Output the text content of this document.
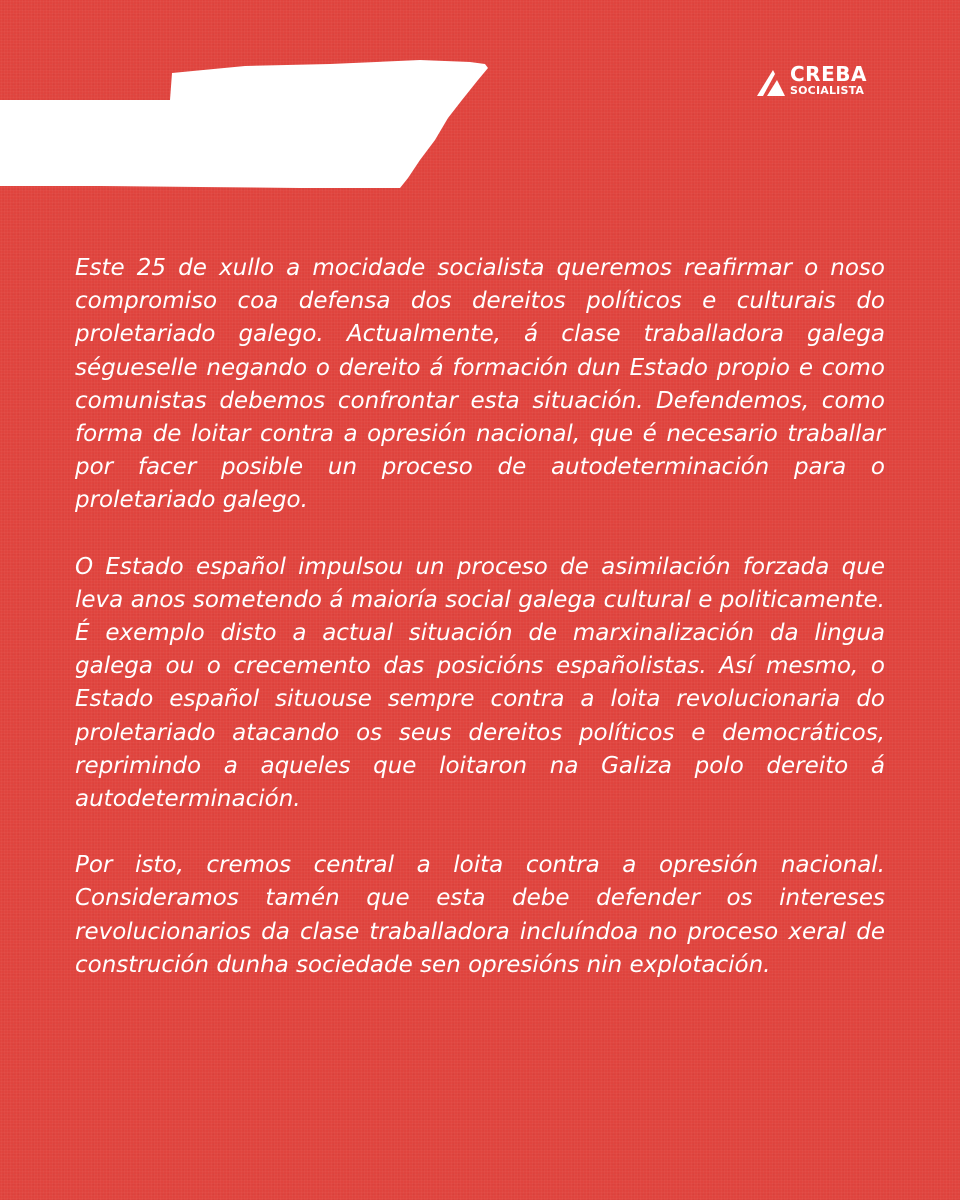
CREBA
SOCIALISTA

Este 25 de xullo a mocidade socialista queremos reafirmar o noso compromiso coa defensa dos dereitos políticos e culturais do proletariado galego. Actualmente, á clase traballadora galega ségueselle negando o dereito á formación dun Estado propio e como comunistas debemos confrontar esta situación. Defendemos, como forma de loitar contra a opresión nacional, que é necesario traballar por facer posible un proceso de autodeterminación para o proletariado galego.

O Estado español impulsou un proceso de asimilación forzada que leva anos sometendo á maioría social galega cultural e politicamente. É exemplo disto a actual situación de marxinalización da lingua galega ou o crecemento das posicións españolistas. Así mesmo, o Estado español situouse sempre contra a loita revolucionaria do proletariado atacando os seus dereitos políticos e democráticos, reprimindo a aqueles que loitaron na Galiza polo dereito á autodeterminación.

Por isto, cremos central a loita contra a opresión nacional. Consideramos tamén que esta debe defender os intereses revolucionarios da clase traballadora incluíndoa no proceso xeral de construción dunha sociedade sen opresións nin explotación.
